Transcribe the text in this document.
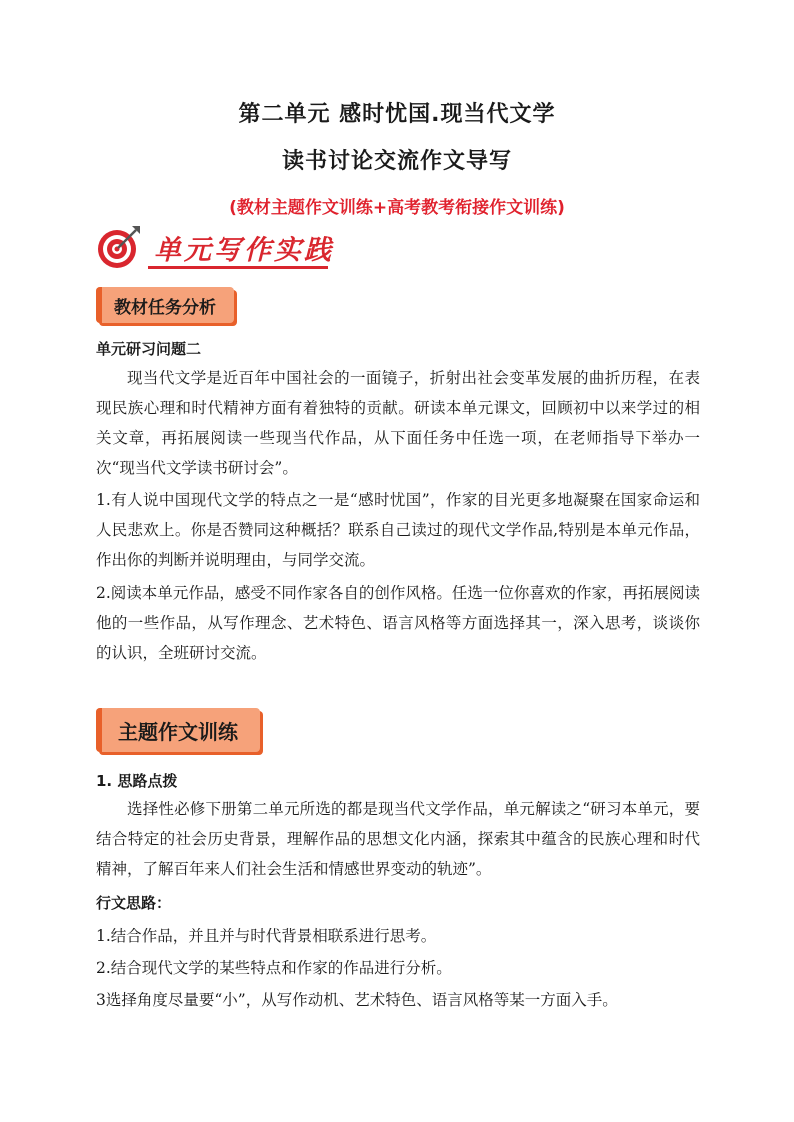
第二单元 感时忧国.现当代文学
读书讨论交流作文导写
(教材主题作文训练+高考教考衔接作文训练)
单元写作实践
教材任务分析
单元研习问题二
现当代文学是近百年中国社会的一面镜子，折射出社会变革发展的曲折历程，在表现民族心理和时代精神方面有着独特的贡献。研读本单元课文，回顾初中以来学过的相关文章，再拓展阅读一些现当代作品，从下面任务中任选一项，在老师指导下举办一次“现当代文学读书研讨会”。
1.有人说中国现代文学的特点之一是“感时忧国”，作家的目光更多地凝聚在国家命运和人民悲欢上。你是否赞同这种概括？联系自己读过的现代文学作品,特别是本单元作品，作出你的判断并说明理由，与同学交流。
2.阅读本单元作品，感受不同作家各自的创作风格。任选一位你喜欢的作家，再拓展阅读他的一些作品，从写作理念、艺术特色、语言风格等方面选择其一，深入思考，谈谈你的认识，全班研讨交流。
主题作文训练
1. 思路点拨
选择性必修下册第二单元所选的都是现当代文学作品，单元解读之“研习本单元，要结合特定的社会历史背景，理解作品的思想文化内涵，探索其中蕴含的民族心理和时代精神，了解百年来人们社会生活和情感世界变动的轨迹”。
行文思路：
1.结合作品，并且并与时代背景相联系进行思考。
2.结合现代文学的某些特点和作家的作品进行分析。
3选择角度尽量要“小”，从写作动机、艺术特色、语言风格等某一方面入手。
